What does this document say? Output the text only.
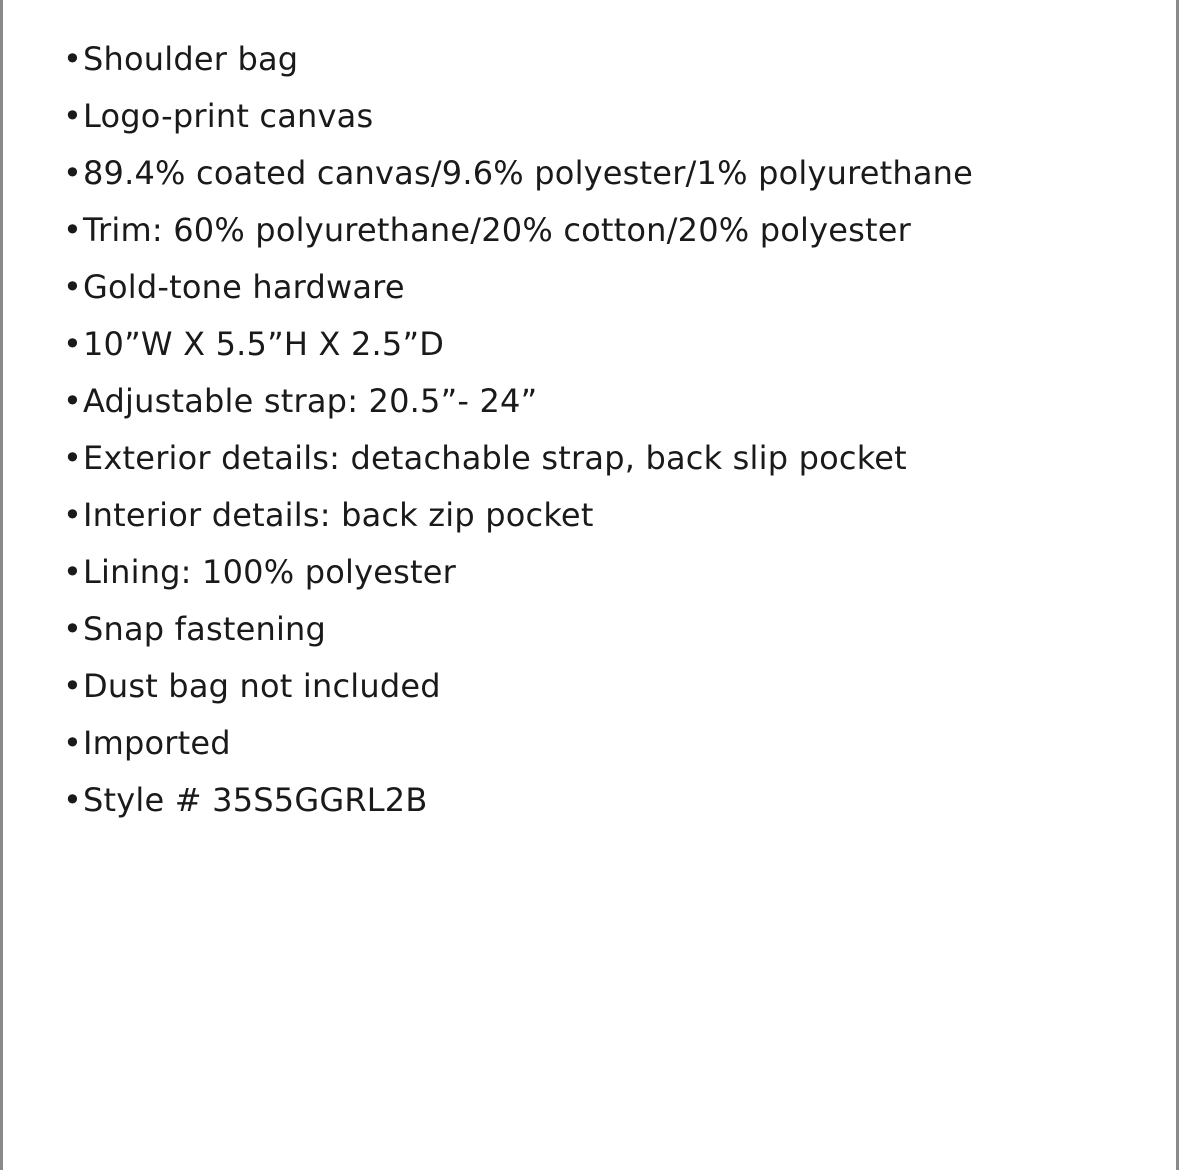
• Shoulder bag
• Logo-print canvas
• 89.4% coated canvas/9.6% polyester/1% polyurethane
• Trim: 60% polyurethane/20% cotton/20% polyester
• Gold-tone hardware
• 10”W X 5.5”H X 2.5”D
• Adjustable strap: 20.5”- 24”
• Exterior details: detachable strap, back slip pocket
• Interior details: back zip pocket
• Lining: 100% polyester
• Snap fastening
• Dust bag not included
• Imported
• Style # 35S5GGRL2B
